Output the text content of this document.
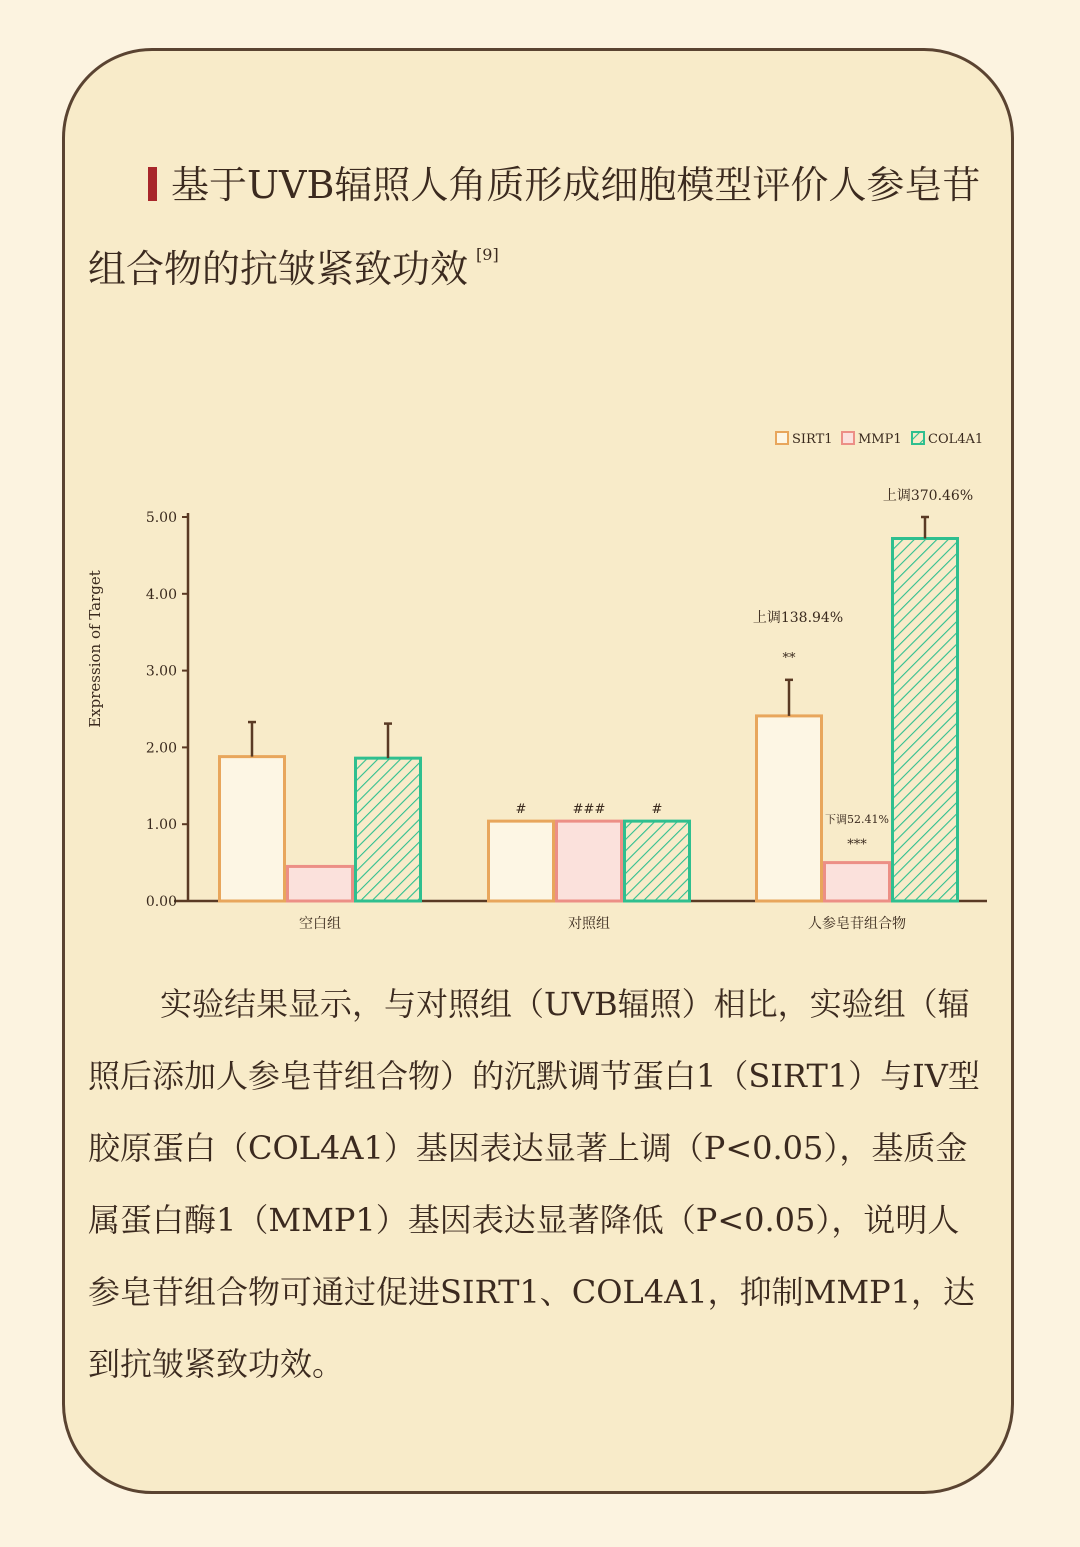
基于UVB辐照人角质形成细胞模型评价人参皂苷组合物的抗皱紧致功效 [9]
0.00
1.00
2.00
3.00
4.00
5.00
Expression of Target
空白组
#	###	#
对照组
**
***
人参皂苷组合物
上调138.94%
下调52.41%
上调370.46%
SIRT1 MMP1 COL4A1

实验结果显示，与对照组（UVB辐照）相比，实验组（辐照后添加人参皂苷组合物）的沉默调节蛋白1（SIRT1）与IV型胶原蛋白（COL4A1）基因表达显著上调（P<0.05），基质金属蛋白酶1（MMP1）基因表达显著降低（P<0.05），说明人参皂苷组合物可通过促进SIRT1、COL4A1，抑制MMP1，达到抗皱紧致功效。
